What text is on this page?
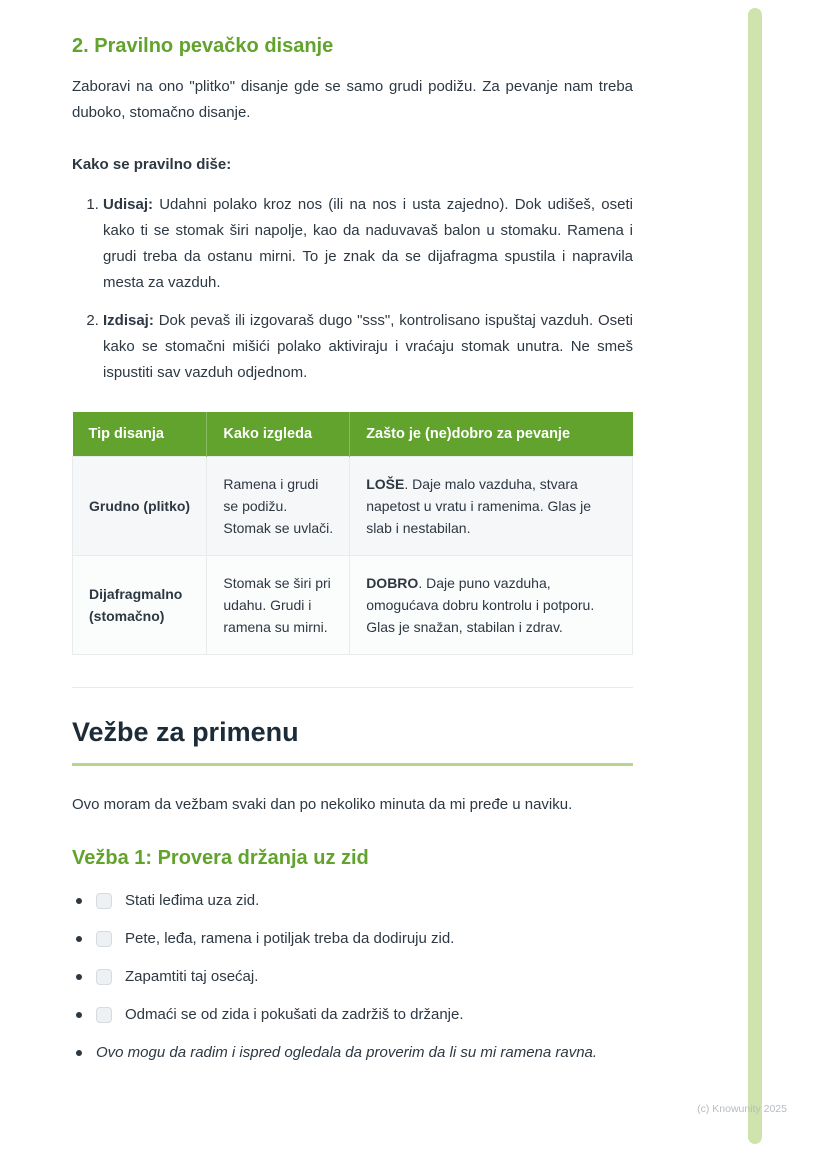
2. Pravilno pevačko disanje

Zaboravi na ono "plitko" disanje gde se samo grudi podižu. Za pevanje nam treba duboko, stomačno disanje.

Kako se pravilno diše:

1. Udisaj: Udahni polako kroz nos (ili na nos i usta zajedno). Dok udišeš, oseti kako ti se stomak širi napolje, kao da naduvavaš balon u stomaku. Ramena i grudi treba da ostanu mirni. To je znak da se dijafragma spustila i napravila mesta za vazduh.
2. Izdisaj: Dok pevaš ili izgovaraš dugo "sss", kontrolisano ispuštaj vazduh. Oseti kako se stomačni mišići polako aktiviraju i vraćaju stomak unutra. Ne smeš ispustiti sav vazduh odjednom.
Tip disanja	Kako izgleda	Zašto je (ne)dobro za pevanje
Grudno (plitko)	Ramena i grudi se podižu. Stomak se uvlači.	LOŠE. Daje malo vazduha, stvara napetost u vratu i ramenima. Glas je slab i nestabilan.
Dijafragmalno (stomačno)	Stomak se širi pri udahu. Grudi i ramena su mirni.	DOBRO. Daje puno vazduha, omogućava dobru kontrolu i potporu. Glas je snažan, stabilan i zdrav.
Vežbe za primenu

Ovo moram da vežbam svaki dan po nekoliko minuta da mi pređe u naviku.

Vežba 1: Provera držanja uz zid
Stati leđima uza zid.
Pete, leđa, ramena i potiljak treba da dodiruju zid.
Zapamtiti taj osećaj.
Odmaći se od zida i pokušati da zadržiš to držanje.
Ovo mogu da radim i ispred ogledala da proverim da li su mi ramena ravna.
(c) Knowunity 2025
